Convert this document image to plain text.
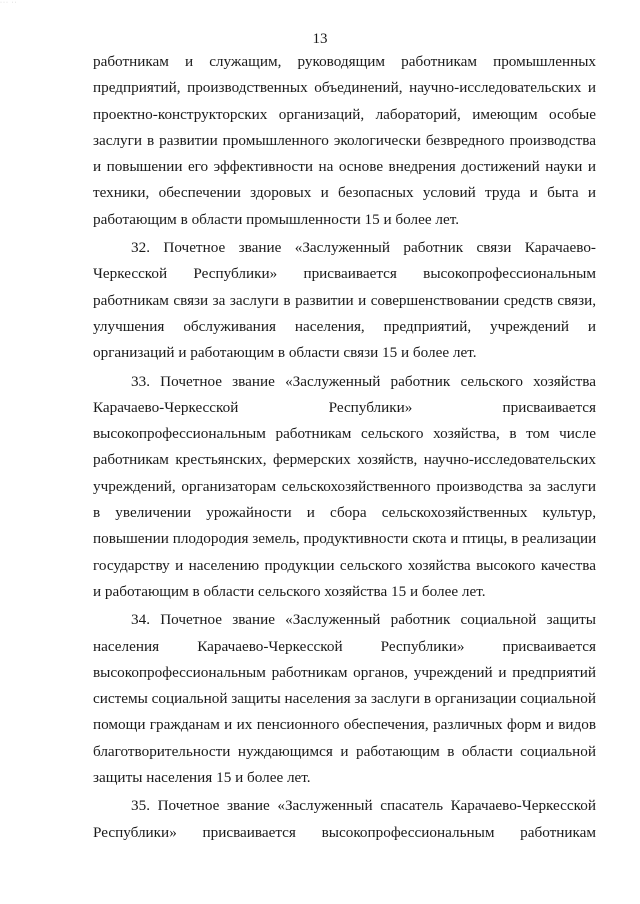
··· ··
13
работникам и служащим, руководящим работникам промышленных
предприятий, производственных объединений, научно-исследовательских и
проектно-конструкторских организаций, лабораторий, имеющим особые
заслуги в развитии промышленного экологически безвредного производства
и повышении его эффективности на основе внедрения достижений науки и
техники, обеспечении здоровых и безопасных условий труда и быта и
работающим в области промышленности 15 и более лет.
32. Почетное звание «Заслуженный работник связи Карачаево-
Черкесской Республики» присваивается высокопрофессиональным
работникам связи за заслуги в развитии и совершенствовании средств связи,
улучшения обслуживания населения, предприятий, учреждений и
организаций и работающим в области связи 15 и более лет.
33. Почетное звание «Заслуженный работник сельского хозяйства
Карачаево-Черкесской Республики» присваивается
высокопрофессиональным работникам сельского хозяйства, в том числе
работникам крестьянских, фермерских хозяйств, научно-исследовательских
учреждений, организаторам сельскохозяйственного производства за заслуги
в увеличении урожайности и сбора сельскохозяйственных культур,
повышении плодородия земель, продуктивности скота и птицы, в реализации
государству и населению продукции сельского хозяйства высокого качества
и работающим в области сельского хозяйства 15 и более лет.
34. Почетное звание «Заслуженный работник социальной защиты
населения Карачаево-Черкесской Республики» присваивается
высокопрофессиональным работникам органов, учреждений и предприятий
системы социальной защиты населения за заслуги в организации социальной
помощи гражданам и их пенсионного обеспечения, различных форм и видов
благотворительности нуждающимся и работающим в области социальной
защиты населения 15 и более лет.
35. Почетное звание «Заслуженный спасатель Карачаево-Черкесской
Республики» присваивается высокопрофессиональным работникам
